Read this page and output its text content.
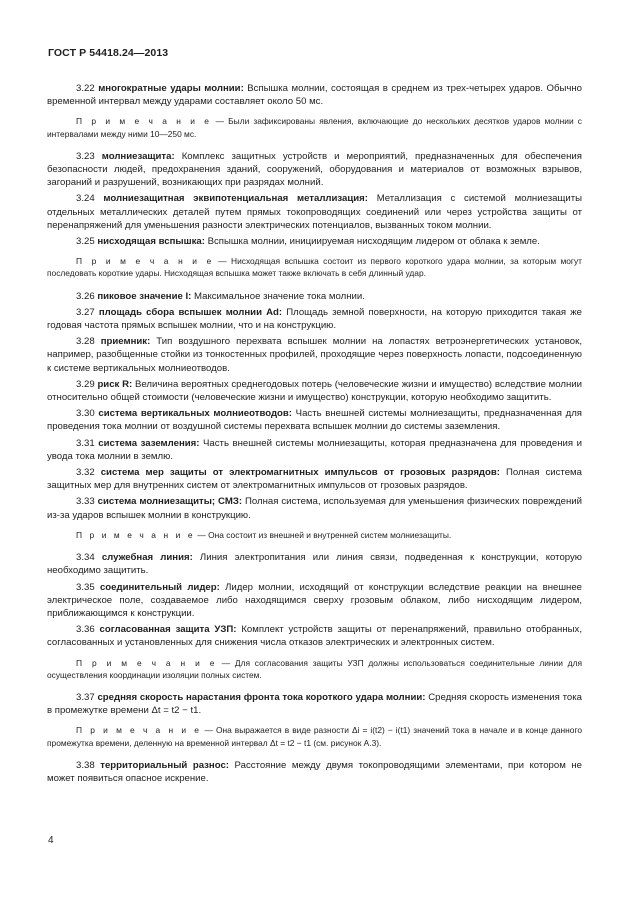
ГОСТ Р 54418.24—2013

3.22 многократные удары молнии: Вспышка молнии, состоящая в среднем из трех-четырех ударов. Обычно временной интервал между ударами составляет около 50 мс.

П р и м е ч а н и е — Были зафиксированы явления, включающие до нескольких десятков ударов молнии с интервалами между ними 10—250 мс.

3.23 молниезащита: Комплекс защитных устройств и мероприятий, предназначенных для обеспечения безопасности людей, предохранения зданий, сооружений, оборудования и материалов от возможных взрывов, загораний и разрушений, возникающих при разрядах молний.

3.24 молниезащитная эквипотенциальная металлизация: Металлизация с системой молниезащиты отдельных металлических деталей путем прямых токопроводящих соединений или через устройства защиты от перенапряжений для уменьшения разности электрических потенциалов, вызванных током молнии.

3.25 нисходящая вспышка: Вспышка молнии, инициируемая нисходящим лидером от облака к земле.

П р и м е ч а н и е — Нисходящая вспышка состоит из первого короткого удара молнии, за которым могут последовать короткие удары. Нисходящая вспышка может также включать в себя длинный удар.

3.26 пиковое значение I: Максимальное значение тока молнии.

3.27 площадь сбора вспышек молнии Ad: Площадь земной поверхности, на которую приходится такая же годовая частота прямых вспышек молнии, что и на конструкцию.

3.28 приемник: Тип воздушного перехвата вспышек молнии на лопастях ветроэнергетических установок, например, разобщенные стойки из тонкостенных профилей, проходящие через поверхность лопасти, подсоединенную к системе вертикальных молниеотводов.

3.29 риск R: Величина вероятных среднегодовых потерь (человеческие жизни и имущество) вследствие молнии относительно общей стоимости (человеческие жизни и имущество) конструкции, которую необходимо защитить.

3.30 система вертикальных молниеотводов: Часть внешней системы молниезащиты, предназначенная для проведения тока молнии от воздушной системы перехвата вспышек молнии до системы заземления.

3.31 система заземления: Часть внешней системы молниезащиты, которая предназначена для проведения и увода тока молнии в землю.

3.32 система мер защиты от электромагнитных импульсов от грозовых разрядов: Полная система защитных мер для внутренних систем от электромагнитных импульсов от грозовых разрядов.

3.33 система молниезащиты; СМЗ: Полная система, используемая для уменьшения физических повреждений из-за ударов вспышек молнии в конструкцию.

П р и м е ч а н и е — Она состоит из внешней и внутренней систем молниезащиты.

3.34 служебная линия: Линия электропитания или линия связи, подведенная к конструкции, которую необходимо защитить.

3.35 соединительный лидер: Лидер молнии, исходящий от конструкции вследствие реакции на внешнее электрическое поле, создаваемое либо находящимся сверху грозовым облаком, либо нисходящим лидером, приближающимся к конструкции.

3.36 согласованная защита УЗП: Комплект устройств защиты от перенапряжений, правильно отобранных, согласованных и установленных для снижения числа отказов электрических и электронных систем.

П р и м е ч а н и е — Для согласования защиты УЗП должны использоваться соединительные линии для осуществления координации изоляции полных систем.

3.37 средняя скорость нарастания фронта тока короткого удара молнии: Средняя скорость изменения тока в промежутке времени Δt = t2 − t1.

П р и м е ч а н и е — Она выражается в виде разности Δi = i(t2) − i(t1) значений тока в начале и в конце данного промежутка времени, деленную на временной интервал Δt = t2 − t1 (см. рисунок А.3).

3.38 территориальный разнос: Расстояние между двумя токопроводящими элементами, при котором не может появиться опасное искрение.

4
